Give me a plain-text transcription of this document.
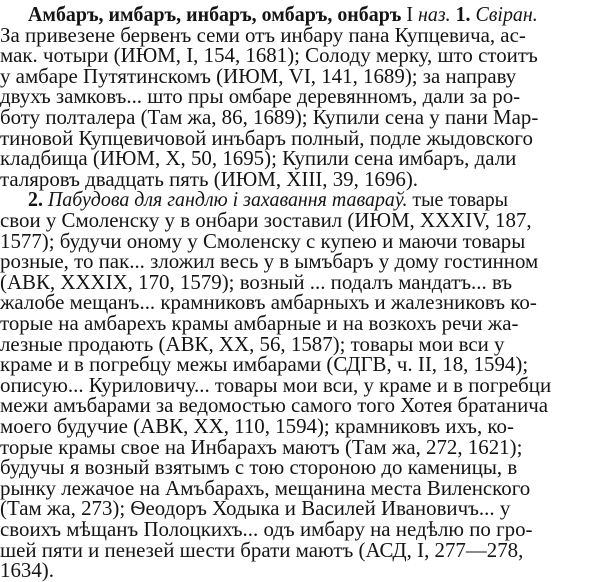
Амбаръ, имбаръ, инбаръ, омбаръ, онбаръ I наз. 1. Свіран.
За привезене бервенъ семи отъ инбару пана Купцевича, ас-
мак. чотыри (ИЮМ, I, 154, 1681); Солоду мерку, што стоитъ
у амбаре Путятинскомъ (ИЮМ, VI, 141, 1689); за направу
двухъ замковъ... што пры омбаре деревянномъ, дали за ро-
боту полталера (Там жа, 86, 1689); Купили сена у пани Мар-
тиновой Купцевичовой инъбаръ полный, подле жыдовского
кладбища (ИЮМ, X, 50, 1695); Купили сена имбаръ, дали
таляровъ двадцать пять (ИЮМ, XIII, 39, 1696).
2. Пабудова для гандлю і захавання тавараў. тые товары
свои у Смоленску у в онбари зоставил (ИЮМ, XXXIV, 187,
1577); будучи оному у Смоленску с купею и маючи товары
розные, то пак... зложил весь у в ымъбаръ у дому гостинном
(АВК, XXXIX, 170, 1579); возный ... подалъ мандатъ... въ
жалобе мещанъ... крамниковъ амбарныхъ и жалезниковъ ко-
торые на амбарехъ крамы амбарные и на возкохъ речи жа-
лезные продають (АВК, XX, 56, 1587); товары мои вси у
краме и в погребцу межы имбарами (СДГВ, ч. II, 18, 1594);
описую... Куриловичу... товары мои вси, у краме и в погребци
межи амъбарами за ведомостью самого того Хотея братанича
моего будучие (АВК, XX, 110, 1594); крамниковъ ихъ, ко-
торые крамы свое на Инбарахъ маютъ (Там жа, 272, 1621);
будучы я возный взятымъ с тою стороною до каменицы, в
рынку лежачое на Амъбарахъ, мещанина места Виленского
(Там жа, 273); Ѳеодоръ Ходыка и Василей Ивановичъ... у
своихъ мѣщанъ Полоцкихъ... одъ имбару на недѣлю по гро-
шей пяти и пенезей шести брати маютъ (АСД, I, 277—278,
1634).
